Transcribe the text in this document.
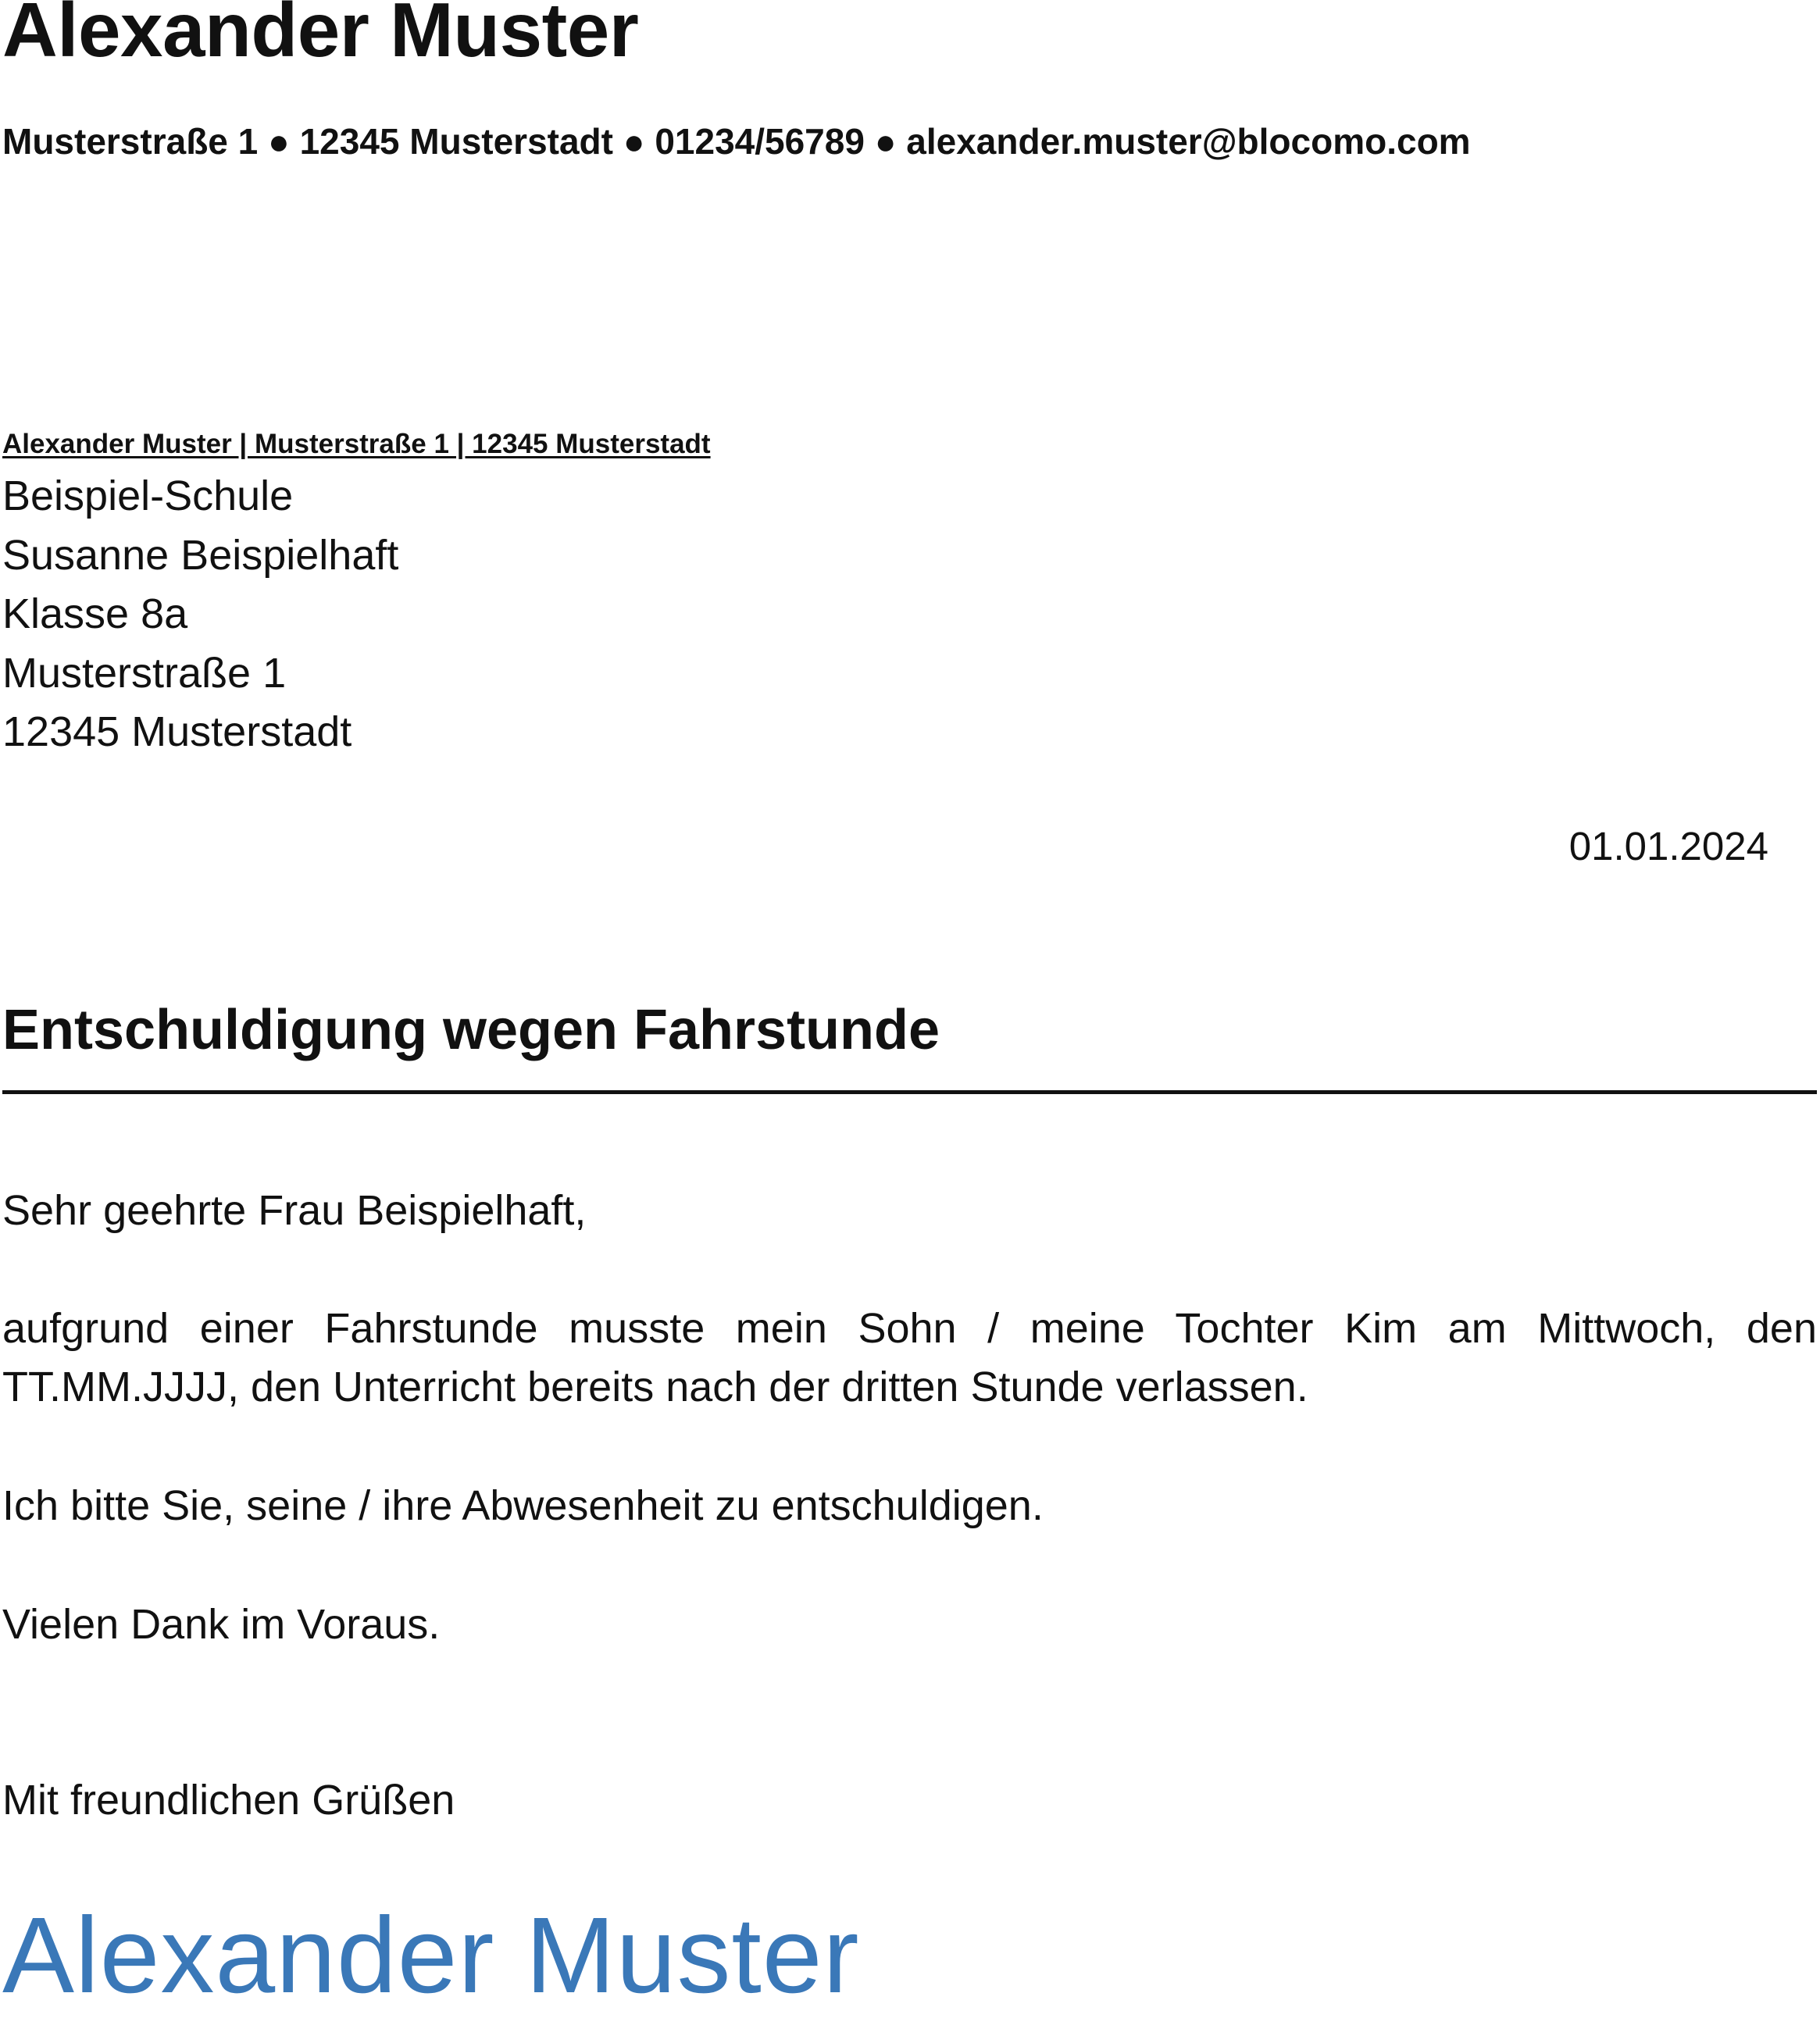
Alexander Muster
Musterstraße 1 ● 12345 Musterstadt ● 01234/56789 ● alexander.muster@blocomo.com
Alexander Muster | Musterstraße 1 | 12345 Musterstadt
Beispiel-Schule
Susanne Beispielhaft
Klasse 8a
Musterstraße 1
12345 Musterstadt
01.01.2024
Entschuldigung wegen Fahrstunde
Sehr geehrte Frau Beispielhaft,
aufgrund einer Fahrstunde musste mein Sohn / meine Tochter Kim am Mittwoch, den TT.MM.JJJJ, den Unterricht bereits nach der dritten Stunde verlassen.
Ich bitte Sie, seine / ihre Abwesenheit zu entschuldigen.
Vielen Dank im Voraus.
Mit freundlichen Grüßen
Alexander Muster
